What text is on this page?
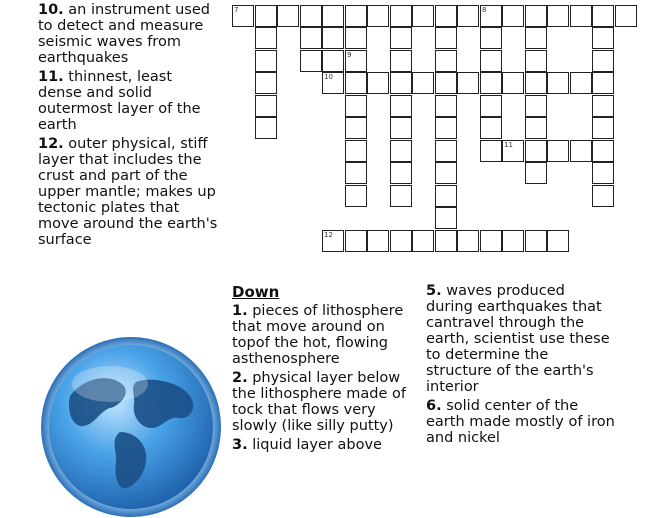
10. an instrument used to detect and measure seismic waves from earthquakes

11. thinnest, least dense and solid outermost layer of the earth

12. outer physical, stiff layer that includes the crust and part of the upper mantle; makes up tectonic plates that move around the earth's surface

7	8
9
10
11
12
Down

1. pieces of lithosphere that move around on topof the hot, flowing asthenosphere

2. physical layer below the lithosphere made of tock that flows very slowly (like silly putty)

3. liquid layer above

5. waves produced during earthquakes that cantravel through the earth, scientist use these to determine the structure of the earth's interior

6. solid center of the earth made mostly of iron and nickel
